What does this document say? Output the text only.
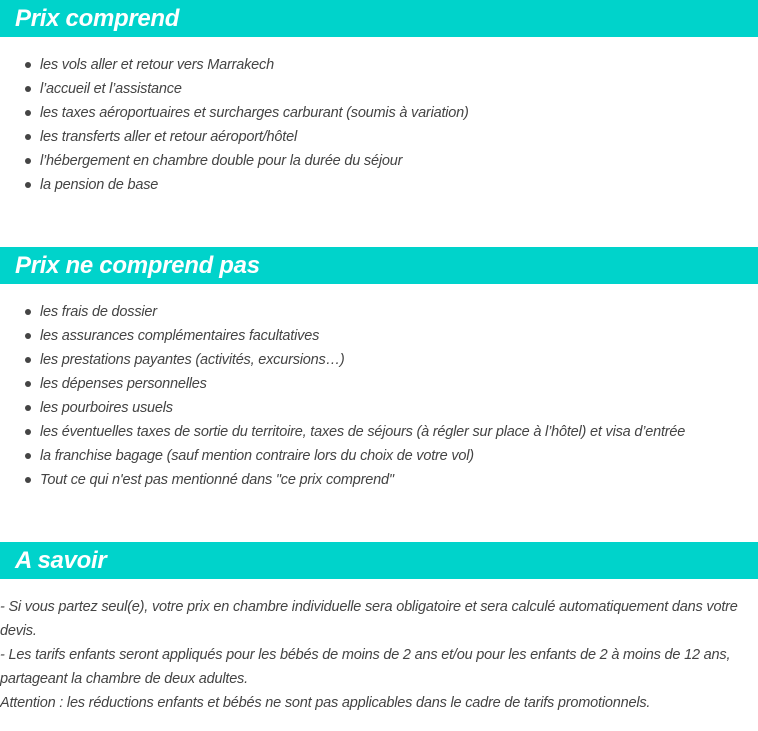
Prix comprend
les vols aller et retour vers Marrakech
l’accueil et l’assistance
les taxes aéroportuaires et surcharges carburant (soumis à variation)
les transferts aller et retour aéroport/hôtel
l’hébergement en chambre double pour la durée du séjour
la pension de base
Prix ne comprend pas
les frais de dossier
les assurances complémentaires facultatives
les prestations payantes (activités, excursions…)
les dépenses personnelles
les pourboires usuels
les éventuelles taxes de sortie du territoire, taxes de séjours (à régler sur place à l’hôtel) et visa d’entrée
la franchise bagage (sauf mention contraire lors du choix de votre vol)
Tout ce qui n'est pas mentionné dans "ce prix comprend"
A savoir

- Si vous partez seul(e), votre prix en chambre individuelle sera obligatoire et sera calculé automatiquement dans votre devis.

- Les tarifs enfants seront appliqués pour les bébés de moins de 2 ans et/ou pour les enfants de 2 à moins de 12 ans, partageant la chambre de deux adultes.

Attention : les réductions enfants et bébés ne sont pas applicables dans le cadre de tarifs promotionnels.
